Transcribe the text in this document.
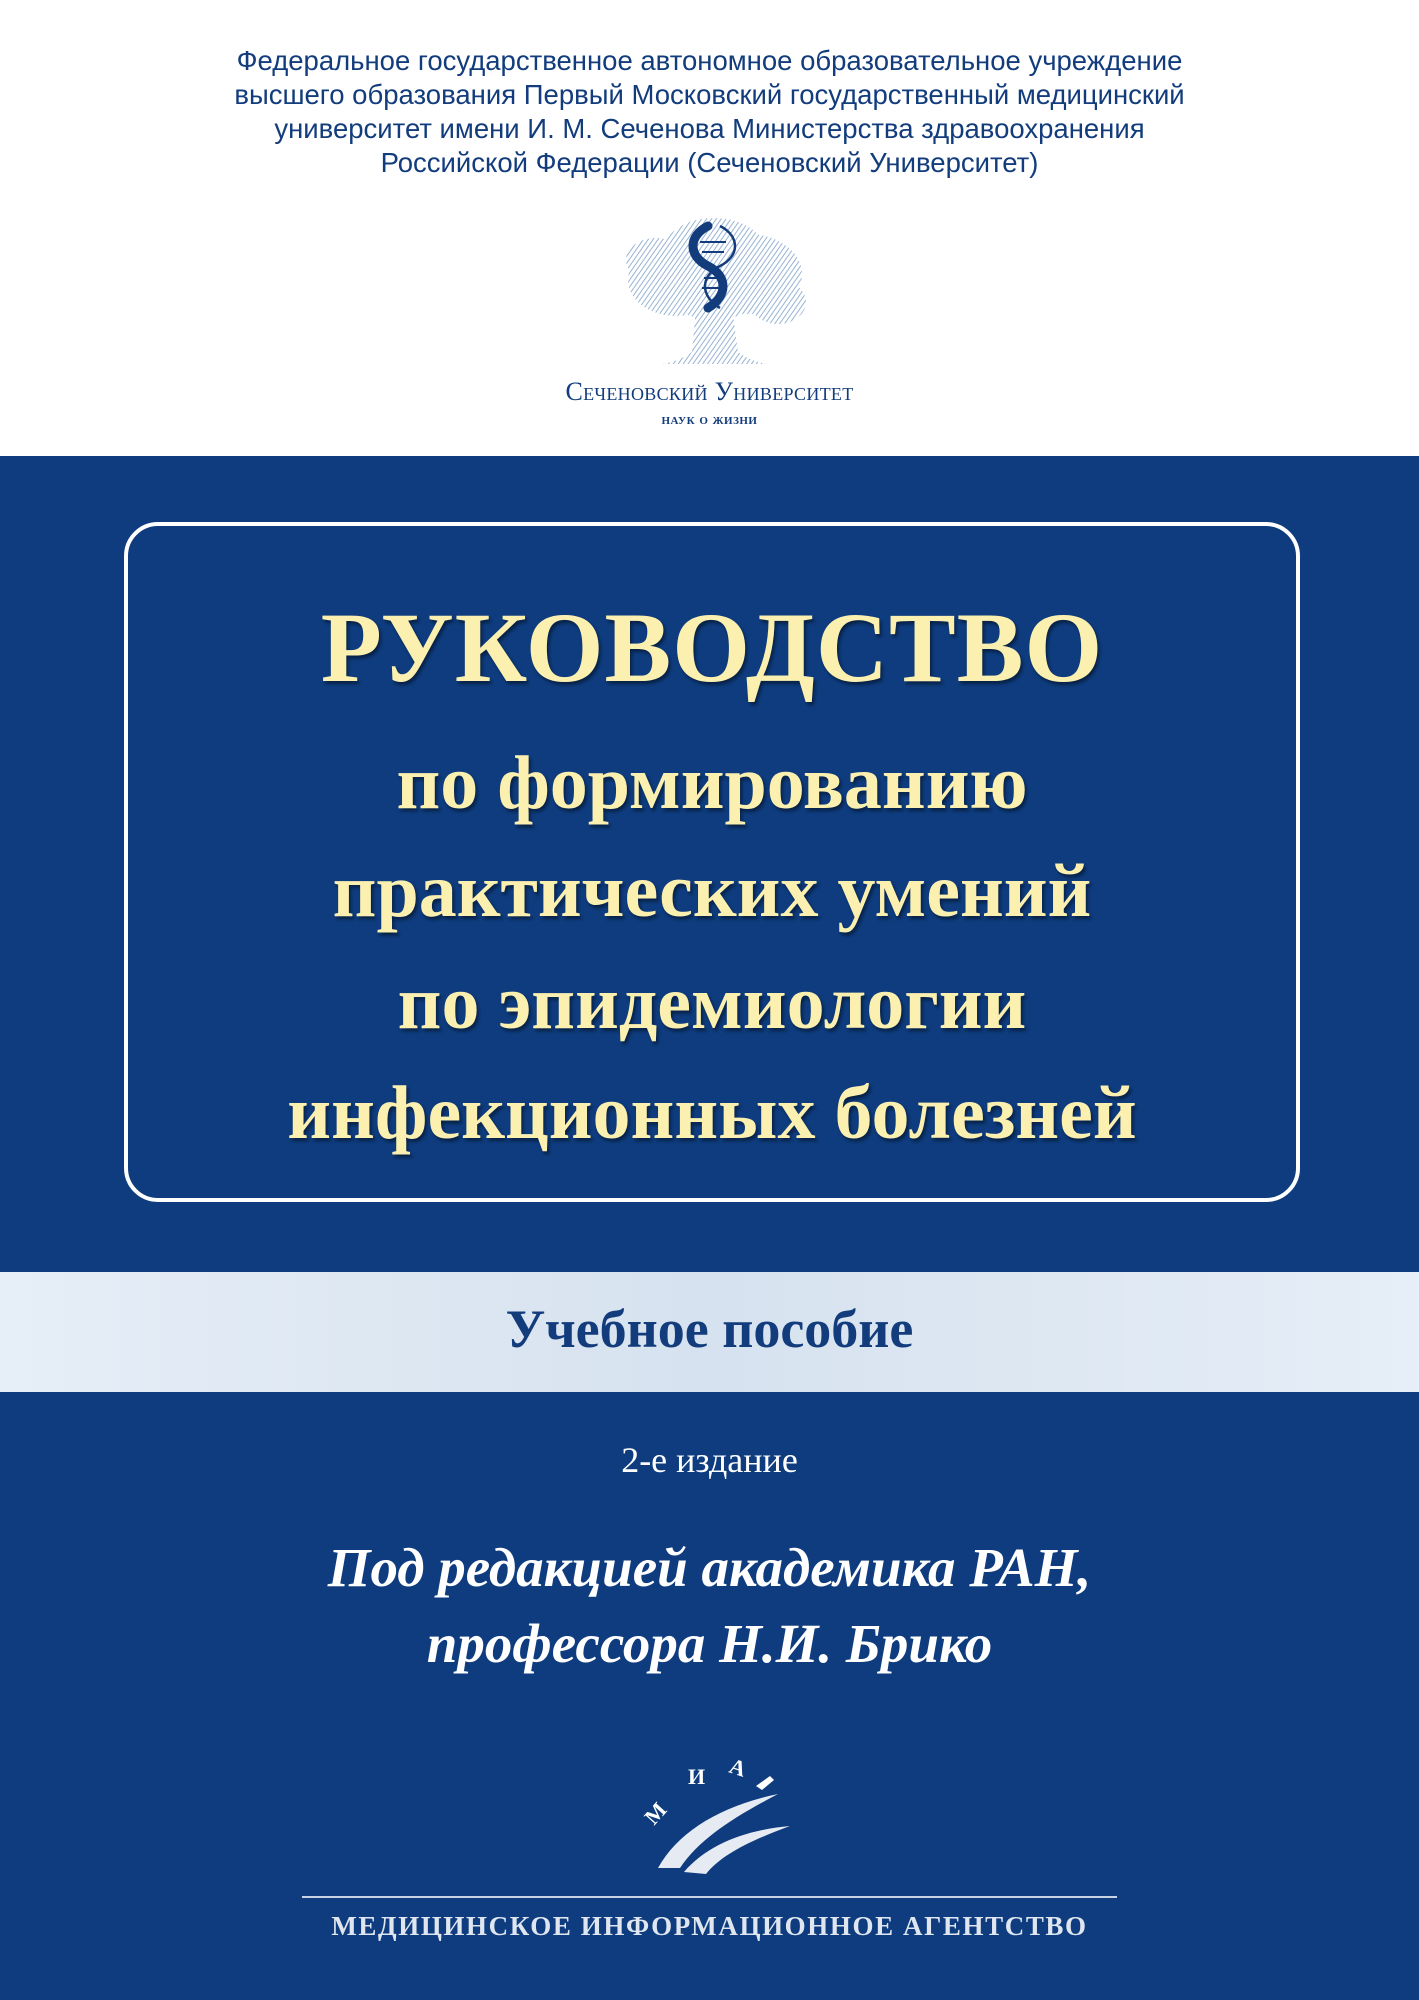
Федеральное государственное автономное образовательное учреждение
высшего образования Первый Московский государственный медицинский
университет имени И. М. Сеченова Министерства здравоохранения
Российской Федерации (Сеченовский Университет)
Сеченовский Университет
наук о жизни
РУКОВОДСТВО
по формированию
практических умений
по эпидемиологии
инфекционных болезней
Учебное пособие
2-е издание
Под редакцией академика РАН,
профессора Н.И. Брико
М
И А
МЕДИЦИНСКОЕ ИНФОРМАЦИОННОЕ АГЕНТСТВО
